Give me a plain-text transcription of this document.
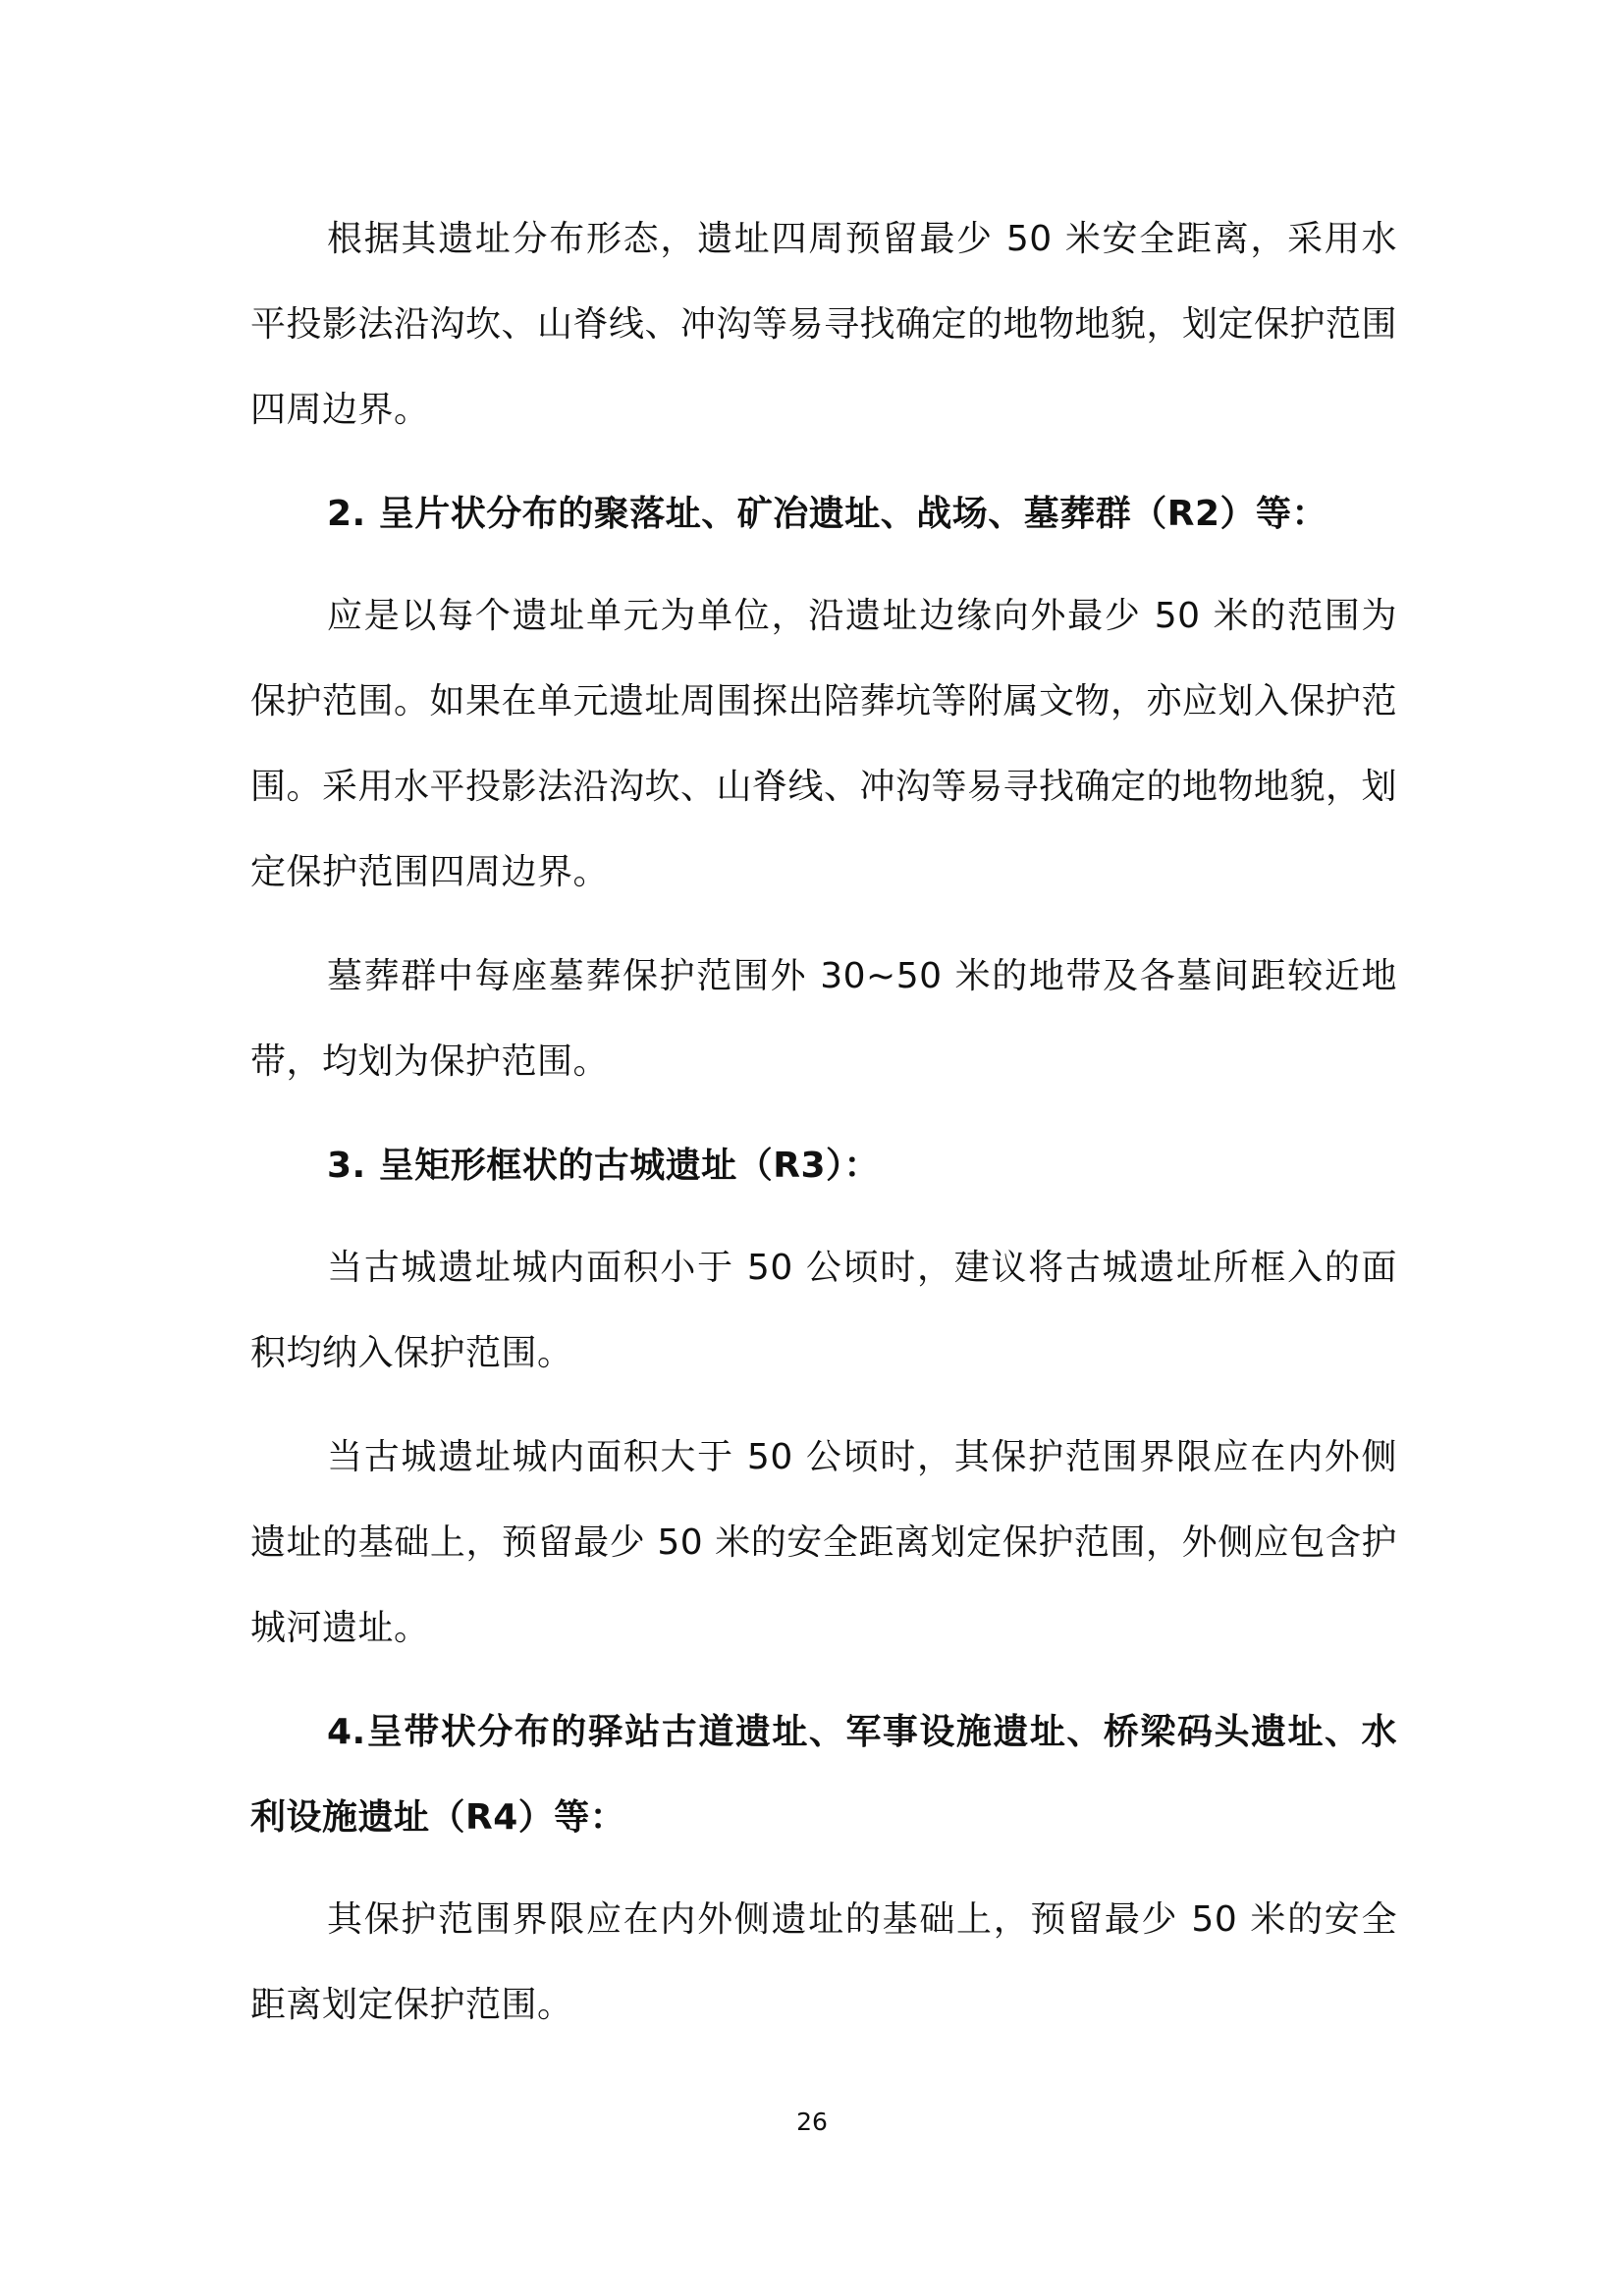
根据其遗址分布形态，遗址四周预留最少 50 米安全距离，采用水平投影法沿沟坎、山脊线、冲沟等易寻找确定的地物地貌，划定保护范围四周边界。

2. 呈片状分布的聚落址、矿冶遗址、战场、墓葬群（R2）等：

应是以每个遗址单元为单位，沿遗址边缘向外最少 50 米的范围为保护范围。如果在单元遗址周围探出陪葬坑等附属文物，亦应划入保护范围。采用水平投影法沿沟坎、山脊线、冲沟等易寻找确定的地物地貌，划定保护范围四周边界。

墓葬群中每座墓葬保护范围外 30~50 米的地带及各墓间距较近地带，均划为保护范围。

3. 呈矩形框状的古城遗址（R3）：

当古城遗址城内面积小于 50 公顷时，建议将古城遗址所框入的面积均纳入保护范围。

当古城遗址城内面积大于 50 公顷时，其保护范围界限应在内外侧遗址的基础上，预留最少 50 米的安全距离划定保护范围，外侧应包含护城河遗址。

4.呈带状分布的驿站古道遗址、军事设施遗址、桥梁码头遗址、水利设施遗址（R4）等：

其保护范围界限应在内外侧遗址的基础上，预留最少 50 米的安全距离划定保护范围。

26
